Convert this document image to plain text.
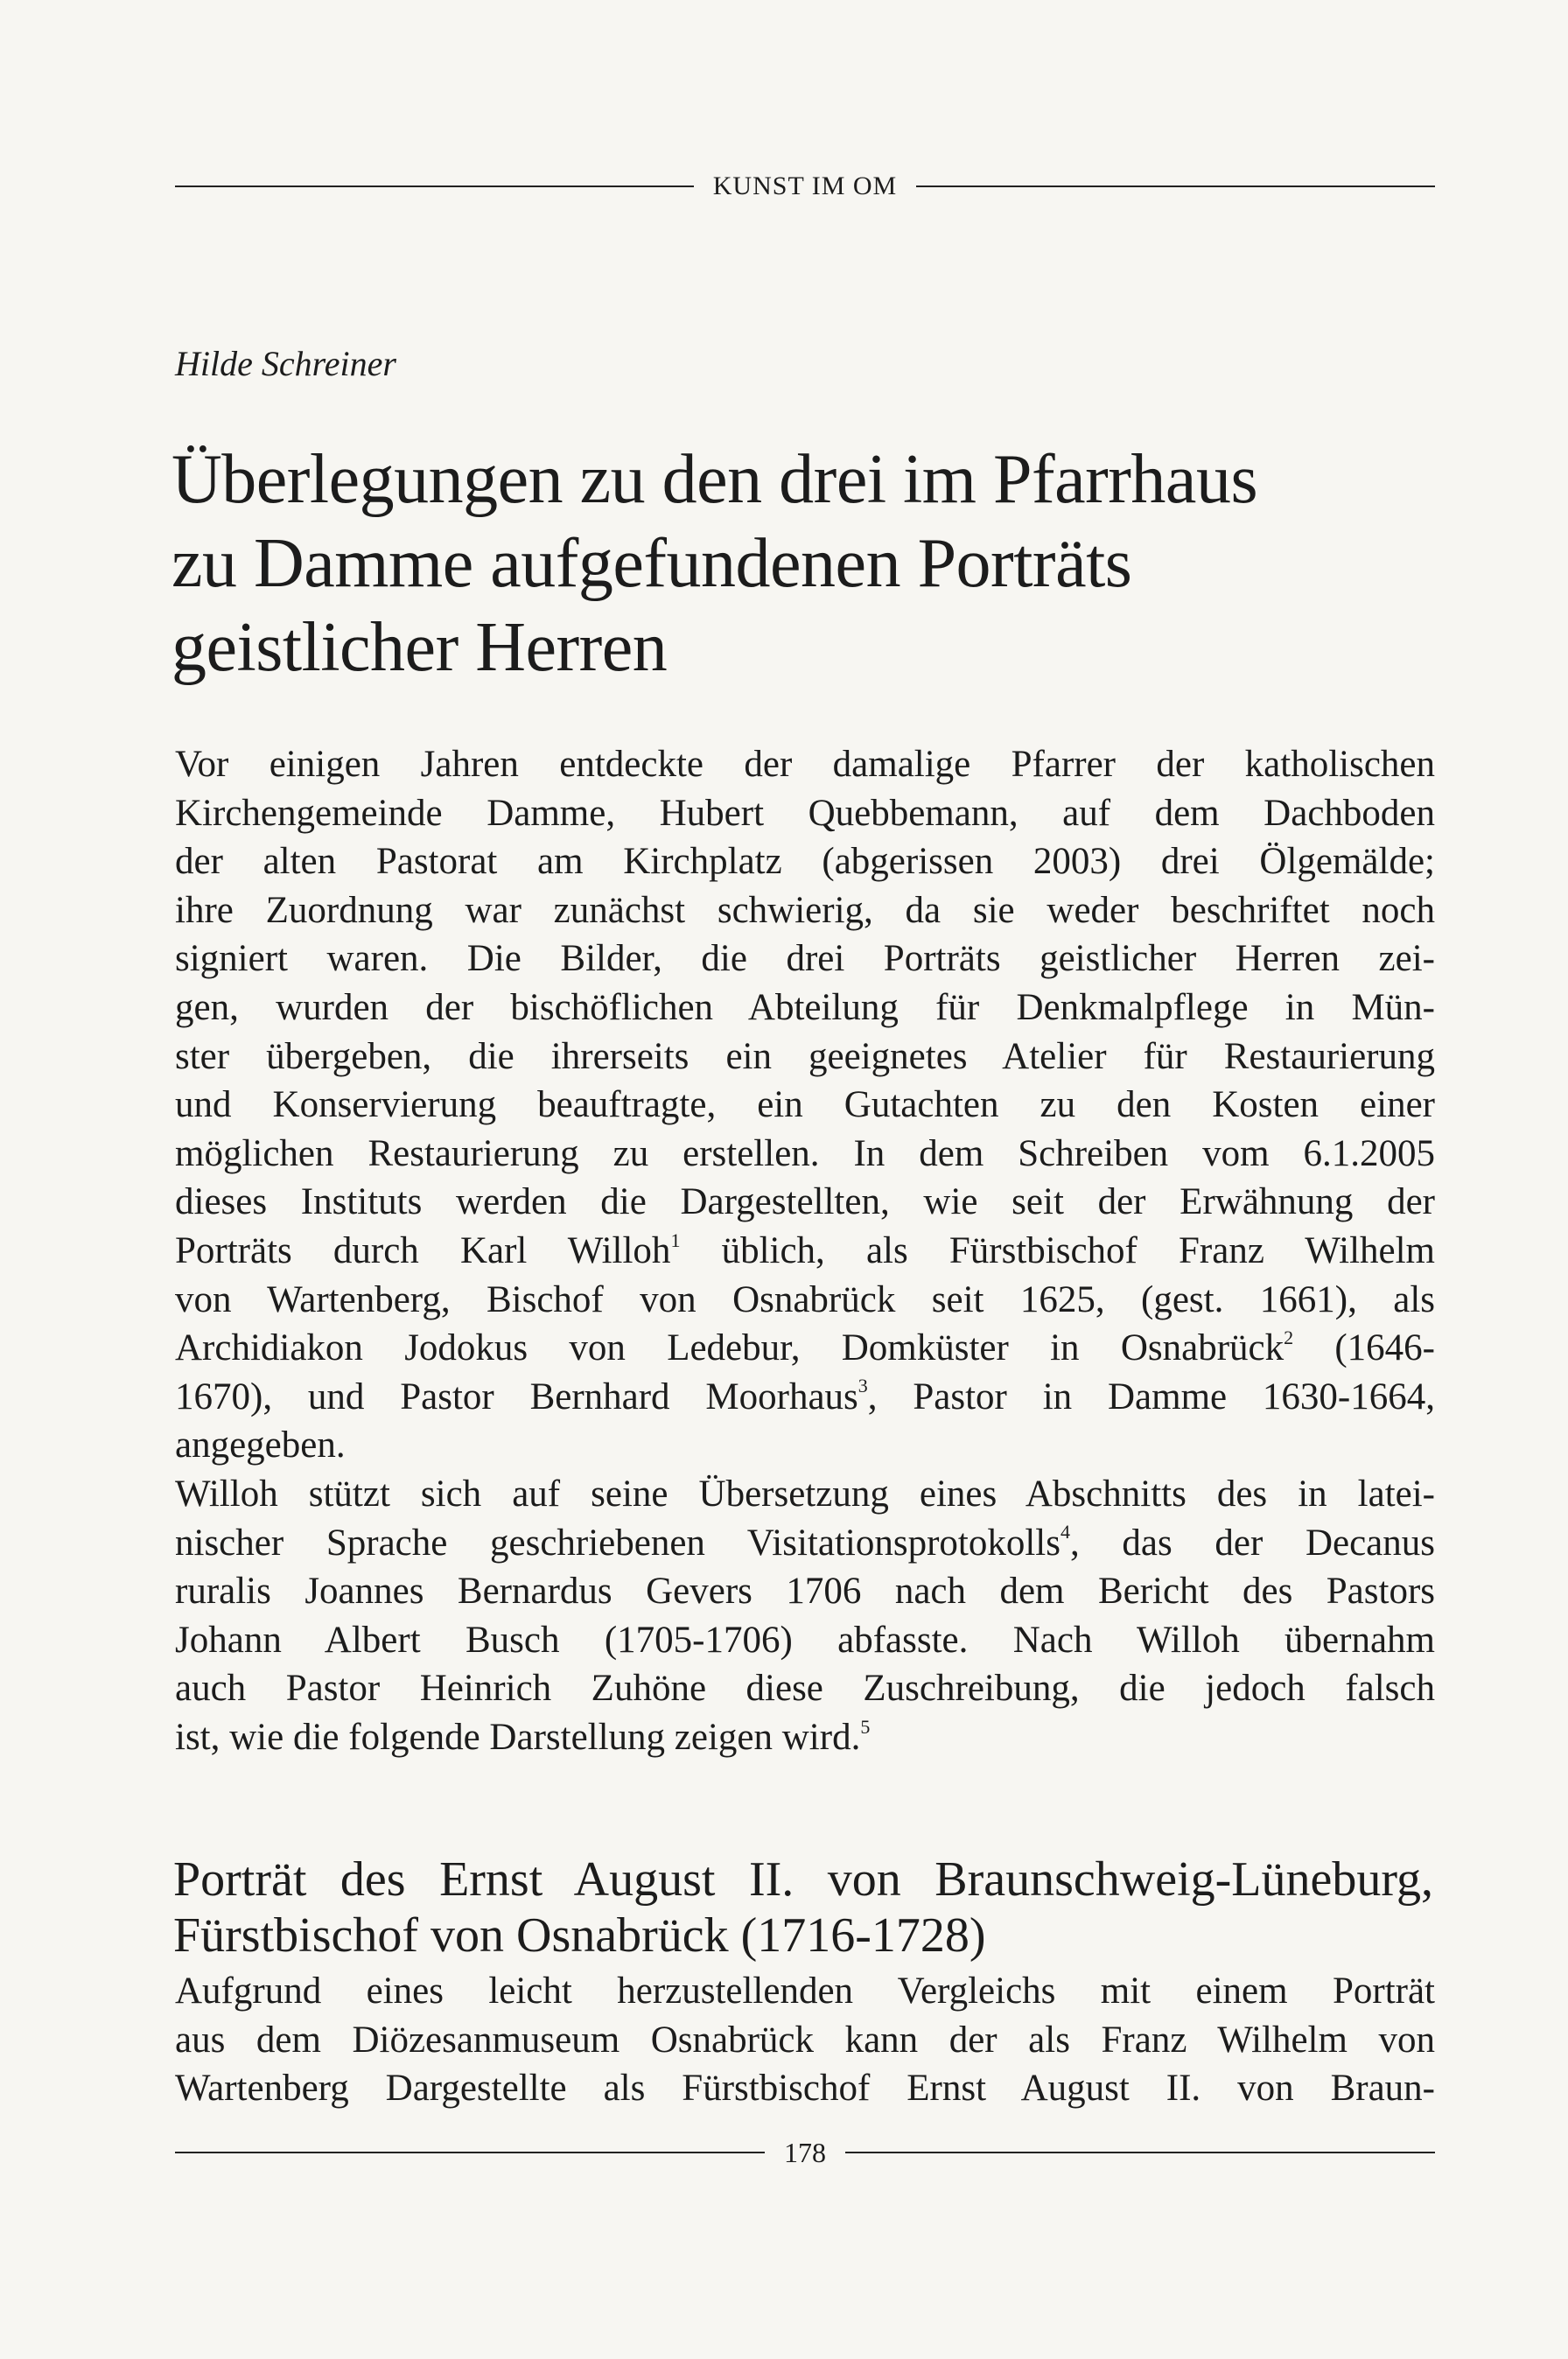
KUNST IM OM

Hilde Schreiner

Überlegungen zu den drei im Pfarrhaus
zu Damme aufgefundenen Porträts
geistlicher Herren
Vor einigen Jahren entdeckte der damalige Pfarrer der katholischen
Kirchengemeinde Damme, Hubert Quebbemann, auf dem Dachboden
der alten Pastorat am Kirchplatz (abgerissen 2003) drei Ölgemälde;
ihre Zuordnung war zunächst schwierig, da sie weder beschriftet noch
signiert waren. Die Bilder, die drei Porträts geistlicher Herren zei-
gen, wurden der bischöflichen Abteilung für Denkmalpflege in Mün-
ster übergeben, die ihrerseits ein geeignetes Atelier für Restaurierung
und Konservierung beauftragte, ein Gutachten zu den Kosten einer
möglichen Restaurierung zu erstellen. In dem Schreiben vom 6.1.2005
dieses Instituts werden die Dargestellten, wie seit der Erwähnung der
Porträts durch Karl Willoh$^1$ üblich, als Fürstbischof Franz Wilhelm
von Wartenberg, Bischof von Osnabrück seit 1625, (gest. 1661), als
Archidiakon Jodokus von Ledebur, Domküster in Osnabrück$^2$ (1646-
1670), und Pastor Bernhard Moorhaus$^3$, Pastor in Damme 1630-1664,
angegeben.
Willoh stützt sich auf seine Übersetzung eines Abschnitts des in latei-
nischer Sprache geschriebenen Visitationsprotokolls$^4$, das der Decanus
ruralis Joannes Bernardus Gevers 1706 nach dem Bericht des Pastors
Johann Albert Busch (1705-1706) abfasste. Nach Willoh übernahm
auch Pastor Heinrich Zuhöne diese Zuschreibung, die jedoch falsch
ist, wie die folgende Darstellung zeigen wird.$^5$
Porträt des Ernst August II. von Braunschweig-Lüneburg,
Fürstbischof von Osnabrück (1716-1728)
Aufgrund eines leicht herzustellenden Vergleichs mit einem Porträt
aus dem Diözesanmuseum Osnabrück kann der als Franz Wilhelm von
Wartenberg Dargestellte als Fürstbischof Ernst August II. von Braun-
178
